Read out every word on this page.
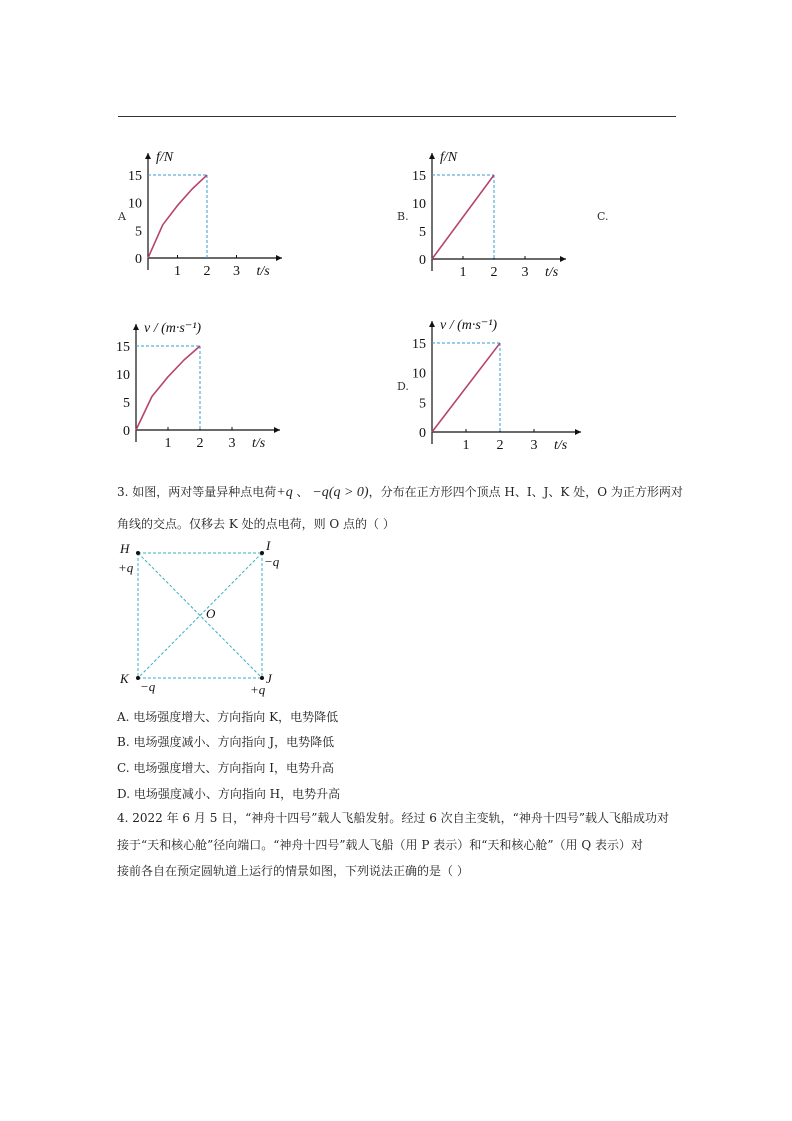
A	B.	C.
D.
f/N
15
10
5
0
1 2 3 t/s
f/N
15
10
5
0
1 2 3 t/s
v / (m·s⁻¹)
15
10
5
0
1 2 3 t/s
v / (m·s⁻¹)
15
10
5
0
1 2 3 t/s
3. 如图，两对等量异种点电荷+q 、 −q(q > 0)，分布在正方形四个顶点 H、I、J、K 处，O 为正方形两对
角线的交点。仅移去 K 处的点电荷，则 O 点的（ ）
H	I
J
K
O
+q	−q
+q
−q
A. 电场强度增大、方向指向 K，电势降低
B. 电场强度减小、方向指向 J，电势降低
C. 电场强度增大、方向指向 I，电势升高
D. 电场强度减小、方向指向 H，电势升高
4. 2022 年 6 月 5 日，“神舟十四号”载人飞船发射。经过 6 次自主变轨，“神舟十四号”载人飞船成功对
接于“天和核心舱”径向端口。“神舟十四号”载人飞船（用 P 表示）和“天和核心舱”（用 Q 表示）对
接前各自在预定圆轨道上运行的情景如图，下列说法正确的是（ ）
